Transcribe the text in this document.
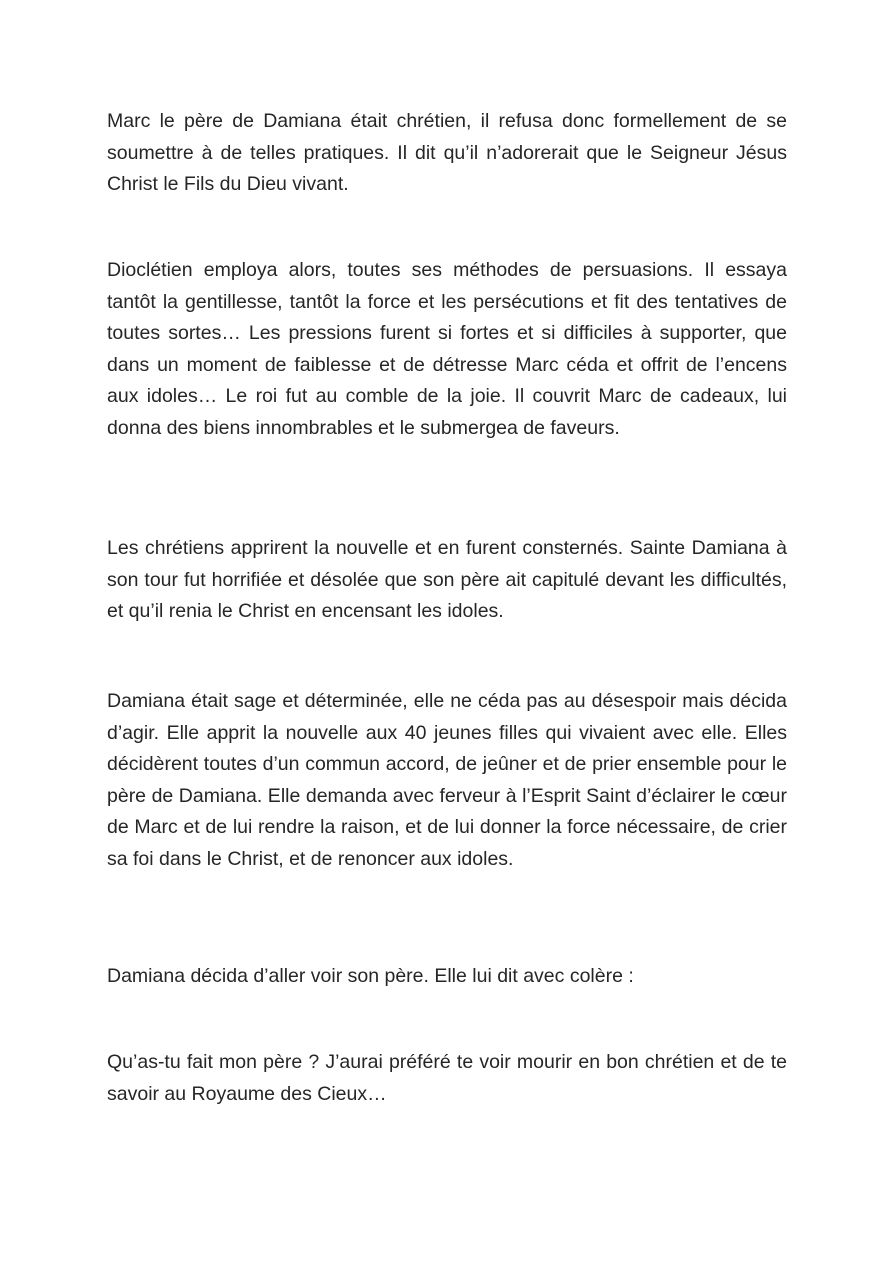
Marc le père de Damiana était chrétien, il refusa donc formellement de se soumettre à de telles pratiques. Il dit qu’il n’adorerait que le Seigneur Jésus Christ le Fils du Dieu vivant.

Dioclétien employa alors, toutes ses méthodes de persuasions. Il essaya tantôt la gentillesse, tantôt la force et les persécutions et fit des tentatives de toutes sortes… Les pressions furent si fortes et si difficiles à supporter, que dans un moment de faiblesse et de détresse Marc céda et offrit de l’encens aux idoles… Le roi fut au comble de la joie. Il couvrit Marc de cadeaux, lui donna des biens innombrables et le submergea de faveurs.

Les chrétiens apprirent la nouvelle et en furent consternés. Sainte Damiana à son tour fut horrifiée et désolée que son père ait capitulé devant les difficultés, et qu’il renia le Christ en encensant les idoles.

Damiana était sage et déterminée, elle ne céda pas au désespoir mais décida d’agir. Elle apprit la nouvelle aux 40 jeunes filles qui vivaient avec elle. Elles décidèrent toutes d’un commun accord, de jeûner et de prier ensemble pour le père de Damiana. Elle demanda avec ferveur à l’Esprit Saint d’éclairer le cœur de Marc et de lui rendre la raison, et de lui donner la force nécessaire, de crier sa foi dans le Christ, et de renoncer aux idoles.

Damiana décida d’aller voir son père. Elle lui dit avec colère :

Qu’as-tu fait mon père ? J’aurai préféré te voir mourir en bon chrétien et de te savoir au Royaume des Cieux…
